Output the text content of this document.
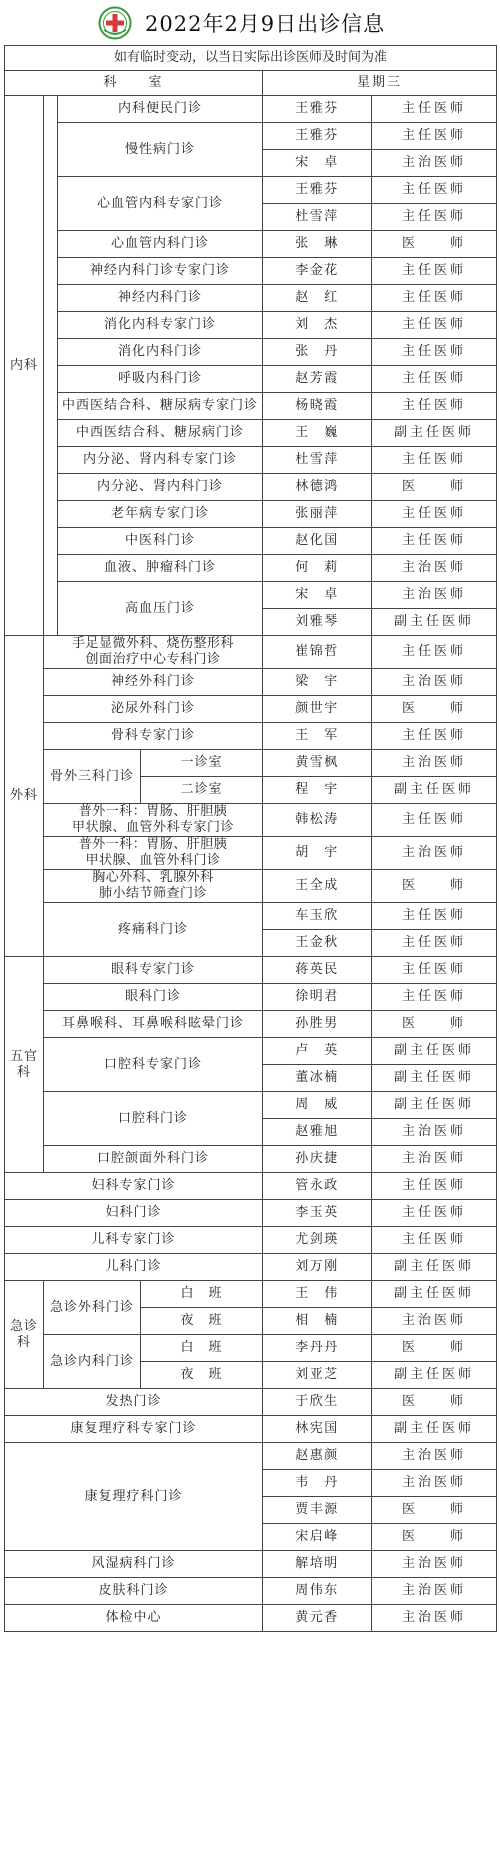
2022年2月9日出诊信息
如有临时变动，以当日实际出诊医师及时间为准					
科　　室				星期三	
内科		内科便民门诊		王雅芬	主任医师
		慢性病门诊		王雅芬	主任医师
				宋　卓	主治医师
		心血管内科专家门诊		王雅芬	主任医师
				杜雪萍	主任医师
		心血管内科门诊		张　琳	医　　师
		神经内科门诊专家门诊		李金花	主任医师
		神经内科门诊		赵　红	主任医师
		消化内科专家门诊		刘　杰	主任医师
		消化内科门诊		张　丹	主任医师
		呼吸内科门诊		赵芳霞	主任医师
		中西医结合科、糖尿病专家门诊		杨晓霞	主任医师
		中西医结合科、糖尿病门诊		王　巍	副主任医师
		内分泌、肾内科专家门诊		杜雪萍	主任医师
		内分泌、肾内科门诊		林德鸿	医　　师
		老年病专家门诊		张丽萍	主任医师
		中医科门诊		赵化国	主任医师
		血液、肿瘤科门诊		何　莉	主治医师
		高血压门诊		宋　卓	主治医师
				刘雅琴	副主任医师
外科	手足显微外科、烧伤整形科
创面治疗中心专科门诊			崔锦哲	主任医师
	神经外科门诊			梁　宇	主治医师
	泌尿外科门诊			颜世宇	医　　师
	骨科专家门诊			王　军	主任医师
	骨外三科门诊		一诊室	黄雪枫	主治医师
			二诊室	程　宇	副主任医师
	普外一科：胃肠、肝胆胰
甲状腺、血管外科专家门诊			韩松涛	主任医师
	普外一科：胃肠、肝胆胰
甲状腺、血管外科门诊			胡　宇	主治医师
	胸心外科、乳腺外科
肺小结节筛查门诊			王全成	医　　师
	疼痛科门诊			车玉欣	主任医师
				王金秋	主任医师
五官科	眼科专家门诊			蒋英民	主任医师
	眼科门诊			徐明君	主任医师
	耳鼻喉科、耳鼻喉科眩晕门诊			孙胜男	医　　师
	口腔科专家门诊			卢　英	副主任医师
				董冰楠	副主任医师
	口腔科门诊			周　威	副主任医师
				赵雅旭	主治医师
	口腔颌面外科门诊			孙庆捷	主治医师
妇科专家门诊				管永政	主任医师
妇科门诊				李玉英	主任医师
儿科专家门诊				尤剑瑛	主任医师
儿科门诊				刘万刚	副主任医师
急诊科	急诊外科门诊		白　班	王　伟	副主任医师
			夜　班	相　楠	主治医师
	急诊内科门诊		白　班	李丹丹	医　　师
			夜　班	刘亚芝	副主任医师
发热门诊				于欣生	医　　师
康复理疗科专家门诊				林宪国	副主任医师
康复理疗科门诊				赵惠颜	主治医师
				韦　丹	主治医师
				贾丰源	医　　师
				宋启峰	医　　师
风湿病科门诊				解培明	主治医师
皮肤科门诊				周伟东	主治医师
体检中心				黄元香	主治医师
